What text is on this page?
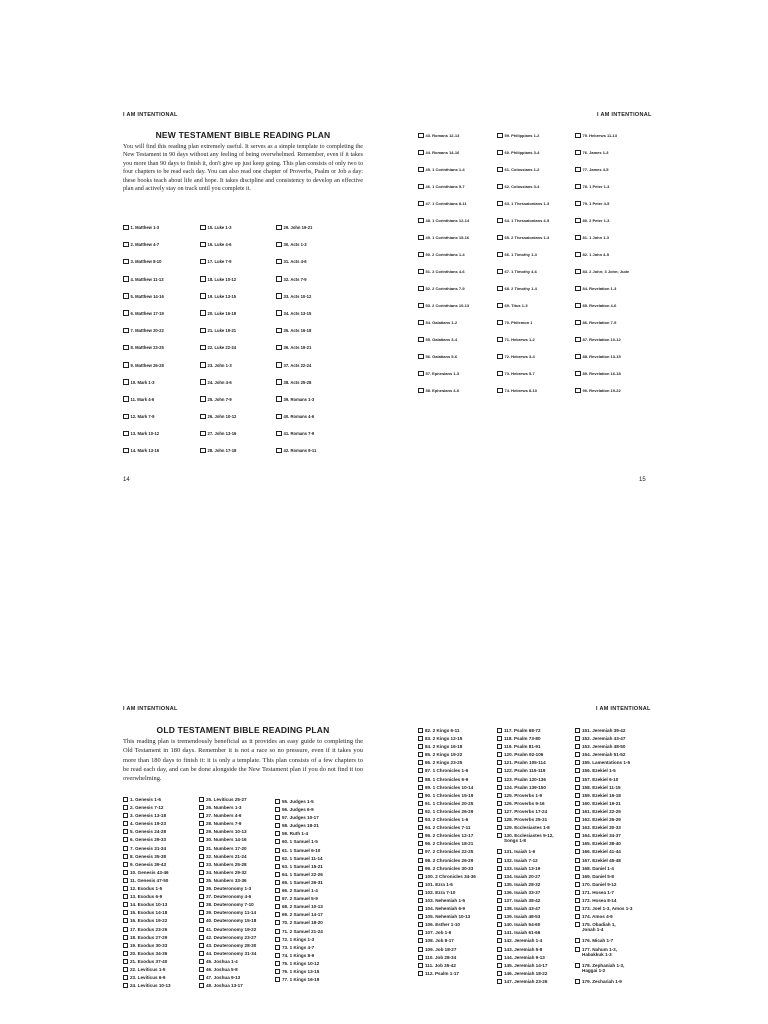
I AM INTENTIONAL
NEW TESTAMENT BIBLE READING PLAN

You will find this reading plan extremely useful. It serves as a simple template to completing the New Testament in 90 days without any feeling of being overwhelmed. Remember, even if it takes you more than 90 days to finish it, don't give up just keep going. This plan consists of only two to four chapters to be read each day. You can also read one chapter of Proverbs, Psalm or Job a day: these books teach about life and hope. It takes discipline and consistency to develop an effective plan and actively stay on track until you complete it.

1. Matthew 1-3
2. Matthew 4-7
3. Matthew 8-10
4. Matthew 11-13
5. Matthew 14-16
6. Matthew 17-19
7. Matthew 20-22
8. Matthew 23-25
9. Matthew 26-28
10. Mark 1-3
11. Mark 4-6
12. Mark 7-9
13. Mark 10-12
14. Mark 13-16
15. Luke 1-3
16. Luke 4-6
17. Luke 7-9
18. Luke 10-12
19. Luke 13-15
20. Luke 16-18
21. Luke 19-21
22. Luke 22-24
23. John 1-3
24. John 4-6
25. John 7-9
26. John 10-12
27. John 13-16
28. John 17-18
29. John 19-21
30. Acts 1-3
31. Acts 4-6
32. Acts 7-9
33. Acts 10-12
34. Acts 13-15
35. Acts 16-18
36. Acts 19-21
37. Acts 22-24
38. Acts 25-28
39. Romans 1-3
40. Romans 4-6
41. Romans 7-9
42. Romans 9-11
14
I AM INTENTIONAL
43. Romans 12-13
44. Romans 14-16
45. 1 Corinthians 1-4
46. 1 Corinthians 5-7
47. 1 Corinthians 8-11
48. 1 Corinthians 12-14
49. 1 Corinthians 15-16
50. 2 Corinthians 1-4
51. 2 Corinthians 4-6
52. 2 Corinthians 7-9
53. 2 Corinthians 10-13
54. Galatians 1-2
55. Galatians 3-4
56. Galatians 5-6
57. Ephesians 1-3
58. Ephesians 4-6
59. Philippians 1-2
60. Philippians 3-4
61. Colossians 1-2
62. Colossians 3-4
63. 1 Thessalonians 1-3
64. 1 Thessalonians 4-5
65. 2 Thessalonians 1-3
66. 1 Timothy 1-3
67. 1 Timothy 4-6
68. 2 Timothy 1-4
69. Titus 1-3
70. Philemon 1
71. Hebrews 1-2
72. Hebrews 3-4
73. Hebrews 5-7
74. Hebrews 8-10
75. Hebrews 11-13
76. James 1-3
77. James 4-5
78. 1 Peter 1-3
79. 1 Peter 4-5
80. 2 Peter 1-3
81. 1 John 1-3
82. 1 John 4-5
83. 2 John; 3 John; Jude
84. Revelation 1-3
85. Revelation 4-6
86. Revelation 7-9
87. Revelation 10-12
88. Revelation 13-15
89. Revelation 16-18
90. Revelation 19-22
15
I AM INTENTIONAL
OLD TESTAMENT BIBLE READING PLAN

This reading plan is tremendously beneficial as it provides an easy guide to completing the Old Testament in 180 days. Remember it is not a race so no pressure, even if it takes you more than 180 days to finish it: it is only a template. This plan consists of a few chapters to be read each day, and can be done alongside the New Testament plan if you do not find it too overwhelming.

1. Genesis 1-6
2. Genesis 7-12
3. Genesis 13-18
4. Genesis 19-23
5. Genesis 24-28
6. Genesis 29-33
7. Genesis 31-34
8. Genesis 35-38
9. Genesis 39-43
10. Genesis 43-46
11. Genesis 47-50
12. Exodus 1-5
13. Exodus 6-9
14. Exodus 10-13
15. Exodus 14-18
16. Exodus 19-22
17. Exodus 23-26
18. Exodus 27-29
19. Exodus 30-33
20. Exodus 34-36
21. Exodus 37-40
22. Leviticus 1-5
23. Leviticus 6-9
24. Leviticus 10-13
25. Leviticus 25-27
26. Numbers 1-3
27. Numbers 4-6
28. Numbers 7-9
29. Numbers 10-13
30. Numbers 14-16
31. Numbers 17-20
32. Numbers 21-24
33. Numbers 25-28
34. Numbers 29-32
35. Numbers 33-36
36. Deuteronomy 1-3
37. Deuteronomy 4-6
38. Deuteronomy 7-10
39. Deuteronomy 11-14
40. Deuteronomy 15-18
41. Deuteronomy 19-22
42. Deuteronomy 23-27
43. Deuteronomy 28-30
44. Deuteronomy 31-34
45. Joshua 1-4
46. Joshua 5-8
47. Joshua 9-13
48. Joshua 13-17
55. Judges 1-5
56. Judges 6-9
57. Judges 10-17
58. Judges 18-21
59. Ruth 1-4
60. 1 Samuel 1-5
61. 1 Samuel 6-10
62. 1 Samuel 11-14
63. 1 Samuel 15-21
64. 1 Samuel 22-26
65. 1 Samuel 26-31
66. 2 Samuel 1-4
67. 2 Samuel 5-9
68. 2 Samuel 10-13
69. 2 Samuel 14-17
70. 2 Samuel 18-20
71. 2 Samuel 21-24
72. 1 Kings 1-3
73. 1 Kings 4-7
74. 1 Kings 8-9
75. 1 Kings 10-12
76. 1 Kings 13-15
77. 1 Kings 16-19
I AM INTENTIONAL
82. 2 Kings 6-11
83. 2 Kings 12-15
84. 2 Kings 16-18
85. 2 Kings 19-22
86. 2 Kings 23-25
87. 1 Chronicles 1-6
88. 1 Chronicles 6-9
89. 1 Chronicles 10-14
90. 1 Chronicles 15-19
91. 1 Chronicles 20-25
92. 1 Chronicles 26-29
93. 2 Chronicles 1-6
94. 2 Chronicles 7-11
95. 2 Chronicles 12-17
96. 2 Chronicles 18-21
97. 2 Chronicles 22-25
98. 2 Chronicles 26-29
99. 2 Chronicles 30-33
100. 2 Chronicles 34-36
101. Ezra 1-6
102. Ezra 7-10
103. Nehemiah 1-5
104. Nehemiah 6-9
105. Nehemiah 10-13
106. Esther 1-10
107. Job 1-6
108. Job 8-17
109. Job 18-27
110. Job 28-34
111. Job 35-42
112. Psalm 1-17
117. Psalm 68-72
118. Psalm 73-80
119. Psalm 81-91
120. Psalm 92-106
121. Psalm 105-114
122. Psalm 115-119
123. Psalm 120-136
124. Psalm 139-150
125. Proverbs 1-9
126. Proverbs 9-16
127. Proverbs 17-24
128. Proverbs 25-31
129. Ecclesiastes 1-8
130. Ecclesiastes 9-12,
Songs 1-8
131. Isaiah 1-6
132. Isaiah 7-12
133. Isaiah 13-19
134. Isaiah 20-27
135. Isaiah 28-32
136. Isaiah 33-37
137. Isaiah 38-42
138. Isaiah 43-47
139. Isaiah 48-53
140. Isaiah 54-60
141. Isaiah 61-66
142. Jeremiah 1-4
143. Jeremiah 5-8
144. Jeremiah 9-13
145. Jeremiah 14-17
146. Jeremiah 18-22
147. Jeremiah 23-26
151. Jeremiah 39-42
152. Jeremiah 43-47
153. Jeremiah 48-50
154. Jeremiah 51-52
155. Lamentations 1-5
156. Ezekiel 1-5
157. Ezekiel 6-10
158. Ezekiel 11-15
159. Ezekiel 16-18
160. Ezekiel 19-21
161. Ezekiel 22-25
162. Ezekiel 26-29
163. Ezekiel 30-33
164. Ezekiel 34-37
165. Ezekiel 38-40
166. Ezekiel 41-44
167. Ezekiel 45-48
168. Daniel 1-4
169. Daniel 5-8
170. Daniel 9-12
171. Hosea 1-7
172. Hosea 8-14
173. Joel 1-3, Amos 1-3
174. Amos 4-9
175. Obadiah 1,
Jonah 1-4
176. Micah 1-7
177. Nahum 1-3,
Habakkuk 1-3
178. Zephaniah 1-3,
Haggai 1-2
179. Zechariah 1-9
